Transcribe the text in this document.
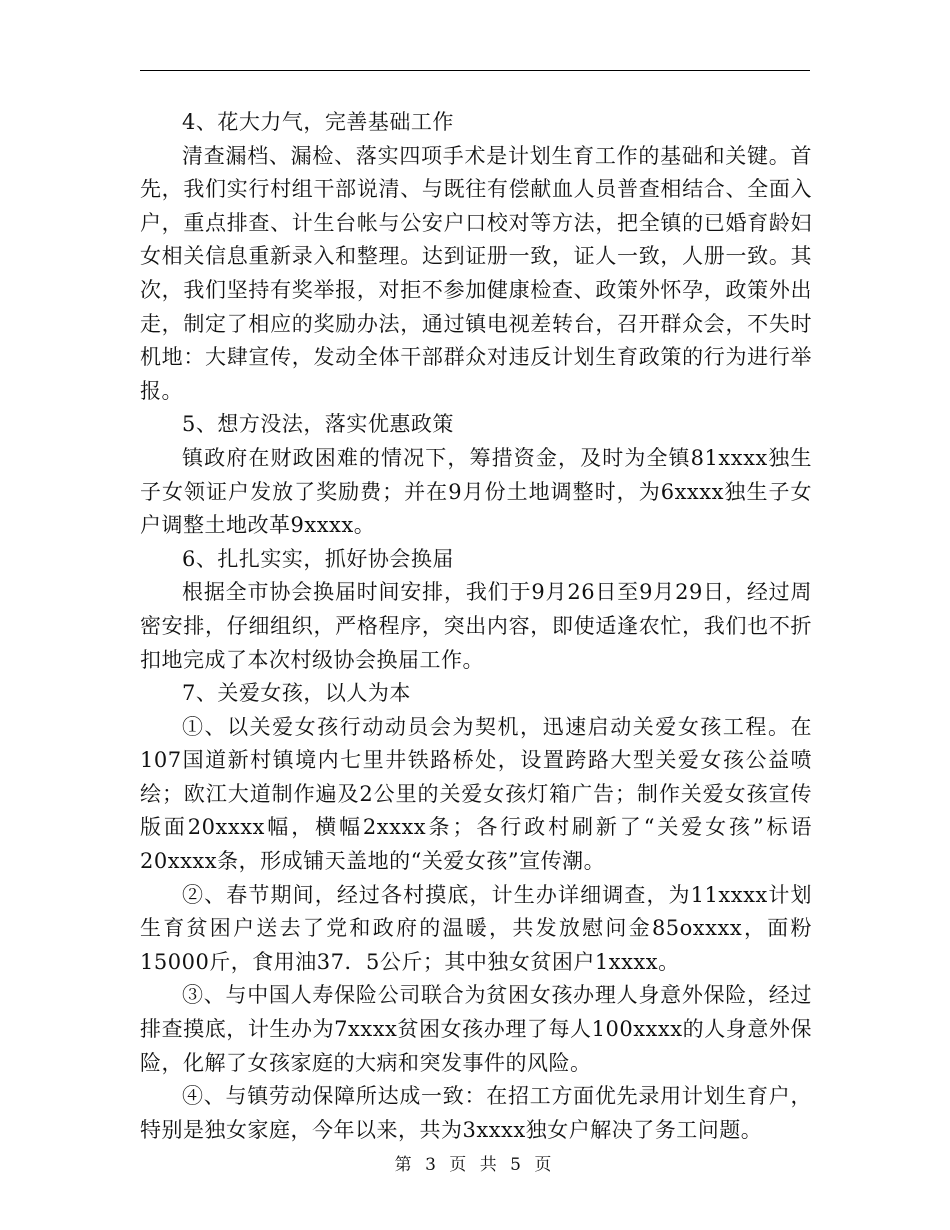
4、花大力气，完善基础工作

清查漏档、漏检、落实四项手术是计划生育工作的基础和关键。首先，我们实行村组干部说清、与既往有偿献血人员普查相结合、全面入户，重点排查、计生台帐与公安户口校对等方法，把全镇的已婚育龄妇女相关信息重新录入和整理。达到证册一致，证人一致，人册一致。其次，我们坚持有奖举报，对拒不参加健康检查、政策外怀孕，政策外出走，制定了相应的奖励办法，通过镇电视差转台，召开群众会，不失时机地：大肆宣传，发动全体干部群众对违反计划生育政策的行为进行举报。

5、想方没法，落实优惠政策

镇政府在财政困难的情况下，筹措资金，及时为全镇81xxxx独生子女领证户发放了奖励费；并在9月份土地调整时，为6xxxx独生子女户调整土地改革9xxxx。

6、扎扎实实，抓好协会换届

根据全市协会换届时间安排，我们于9月26日至9月29日，经过周密安排，仔细组织，严格程序，突出内容，即使适逢农忙，我们也不折扣地完成了本次村级协会换届工作。

7、关爱女孩，以人为本

①、以关爱女孩行动动员会为契机，迅速启动关爱女孩工程。在107国道新村镇境内七里井铁路桥处，设置跨路大型关爱女孩公益喷绘；欧江大道制作遍及2公里的关爱女孩灯箱广告；制作关爱女孩宣传版面20xxxx幅，横幅2xxxx条；各行政村刷新了“关爱女孩”标语20xxxx条，形成铺天盖地的“关爱女孩”宣传潮。

②、春节期间，经过各村摸底，计生办详细调查，为11xxxx计划生育贫困户送去了党和政府的温暖，共发放慰问金85oxxxx，面粉15000斤，食用油37．5公斤；其中独女贫困户1xxxx。

③、与中国人寿保险公司联合为贫困女孩办理人身意外保险，经过排查摸底，计生办为7xxxx贫困女孩办理了每人100xxxx的人身意外保险，化解了女孩家庭的大病和突发事件的风险。

④、与镇劳动保障所达成一致：在招工方面优先录用计划生育户，特别是独女家庭，今年以来，共为3xxxx独女户解决了务工问题。

第 3 页 共 5 页
